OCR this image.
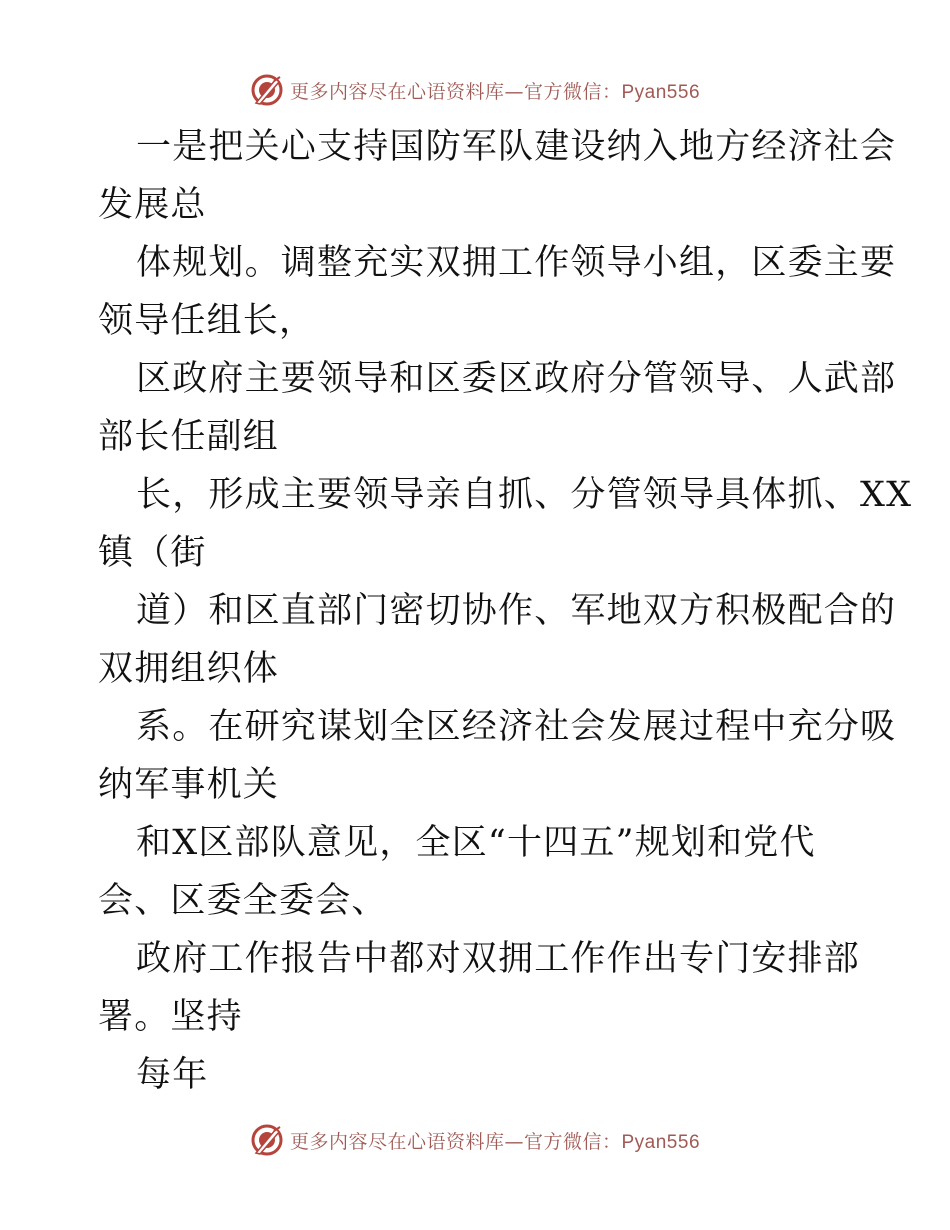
更多内容尽在心语资料库—官方微信：Pyan556
一是把关心支持国防军队建设纳入地方经济社会
发展总
体规划。调整充实双拥工作领导小组，区委主要
领导任组长，
区政府主要领导和区委区政府分管领导、人武部
部长任副组
长，形成主要领导亲自抓、分管领导具体抓、XX
镇（街
道）和区直部门密切协作、军地双方积极配合的
双拥组织体
系。在研究谋划全区经济社会发展过程中充分吸
纳军事机关
和X区部队意见，全区“十四五”规划和党代
会、区委全委会、
政府工作报告中都对双拥工作作出专门安排部
署。坚持
每年
更多内容尽在心语资料库—官方微信：Pyan556
